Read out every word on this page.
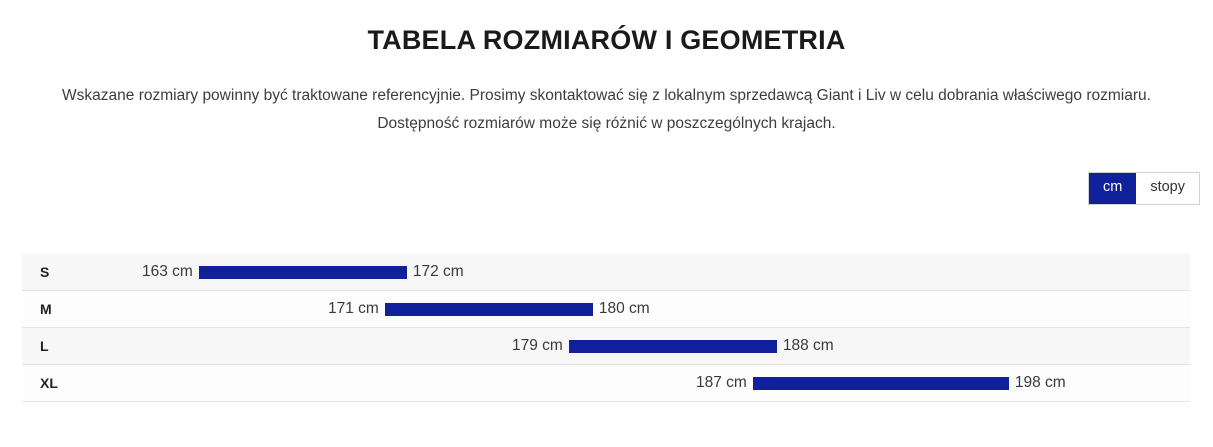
TABELA ROZMIARÓW I GEOMETRIA
Wskazane rozmiary powinny być traktowane referencyjnie. Prosimy skontaktować się z lokalnym sprzedawcą Giant i Liv w celu dobrania właściwego rozmiaru.
Dostępność rozmiarów może się różnić w poszczególnych krajach.
cm	stopy
S	163 cm	172 cm
M	171 cm	180 cm
L	179 cm	188 cm
XL	187 cm	198 cm
